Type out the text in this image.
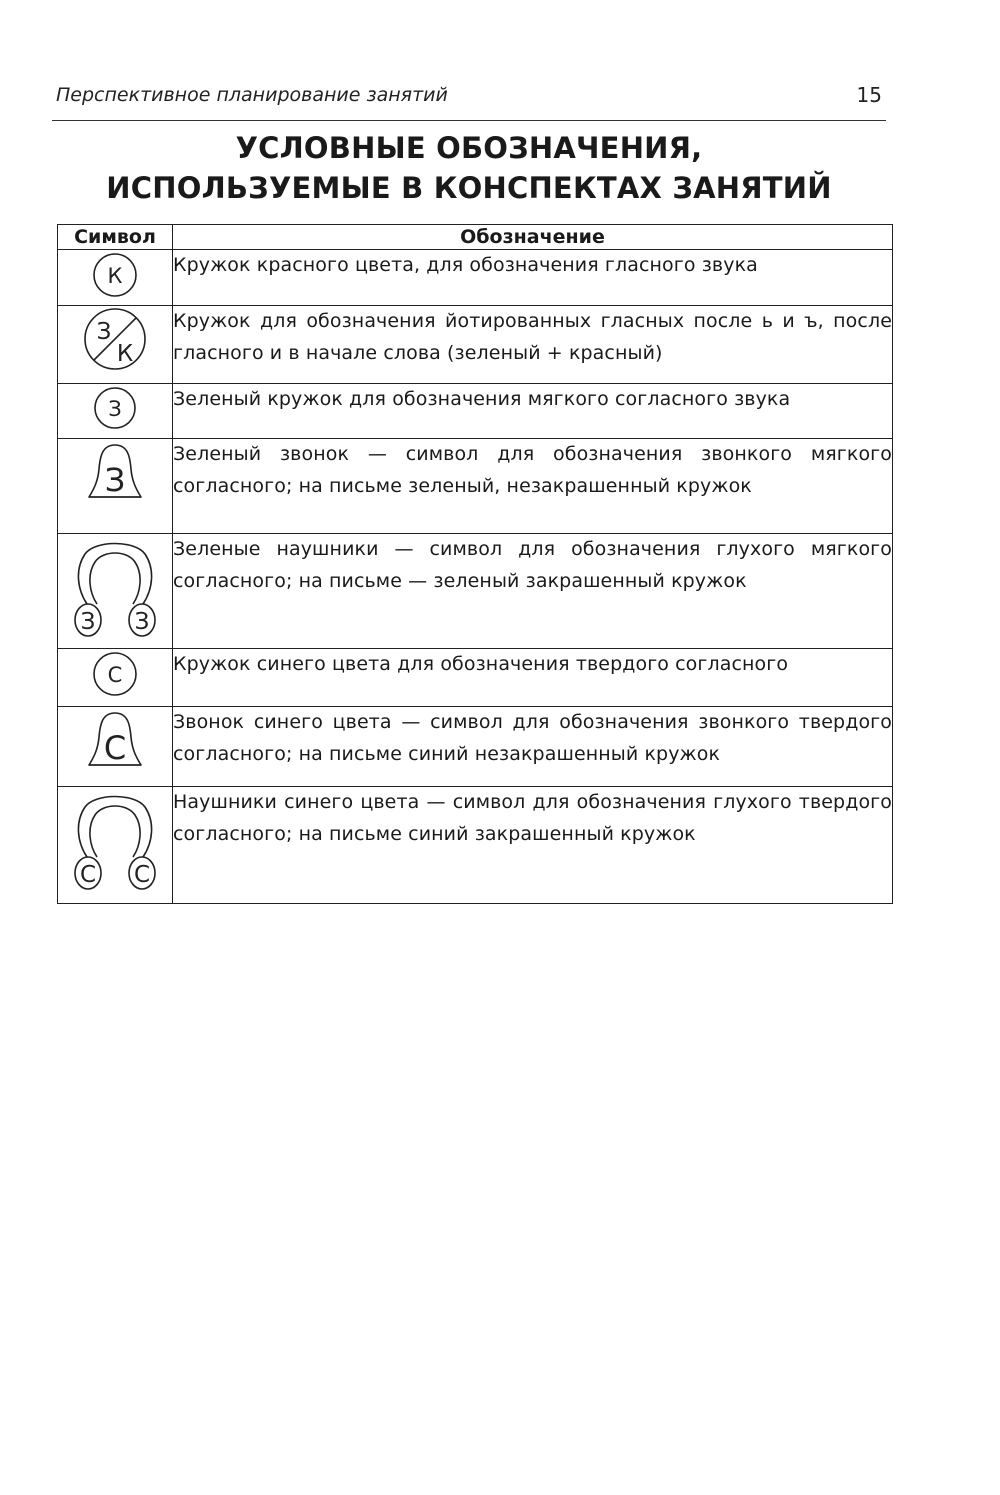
Перспективное планирование занятий	15
УСЛОВНЫЕ ОБОЗНАЧЕНИЯ,
ИСПОЛЬЗУЕМЫЕ В КОНСПЕКТАХ ЗАНЯТИЙ
Символ	Обозначение

К	Кружок красного цвета, для обозначения гласного звука

З
К	Кружок для обозначения йотированных гласных после ь и ъ, после гласного и в начале слова (зеленый + красный)

З	Зеленый кружок для обозначения мягкого согласного звука

З	Зеленый звонок — символ для обозначения звонкого мягкого согласного; на письме зеленый, незакрашенный кружок

З З	Зеленые наушники — символ для обозначения глухого мягкого согласного; на письме — зеленый закрашенный кружок

С	Кружок синего цвета для обозначения твердого согласного

С	Звонок синего цвета — символ для обозначения звонкого твердого согласного; на письме синий незакрашенный кружок

С С	Наушники синего цвета — символ для обозначения глухого твердого согласного; на письме синий закрашенный кружок
